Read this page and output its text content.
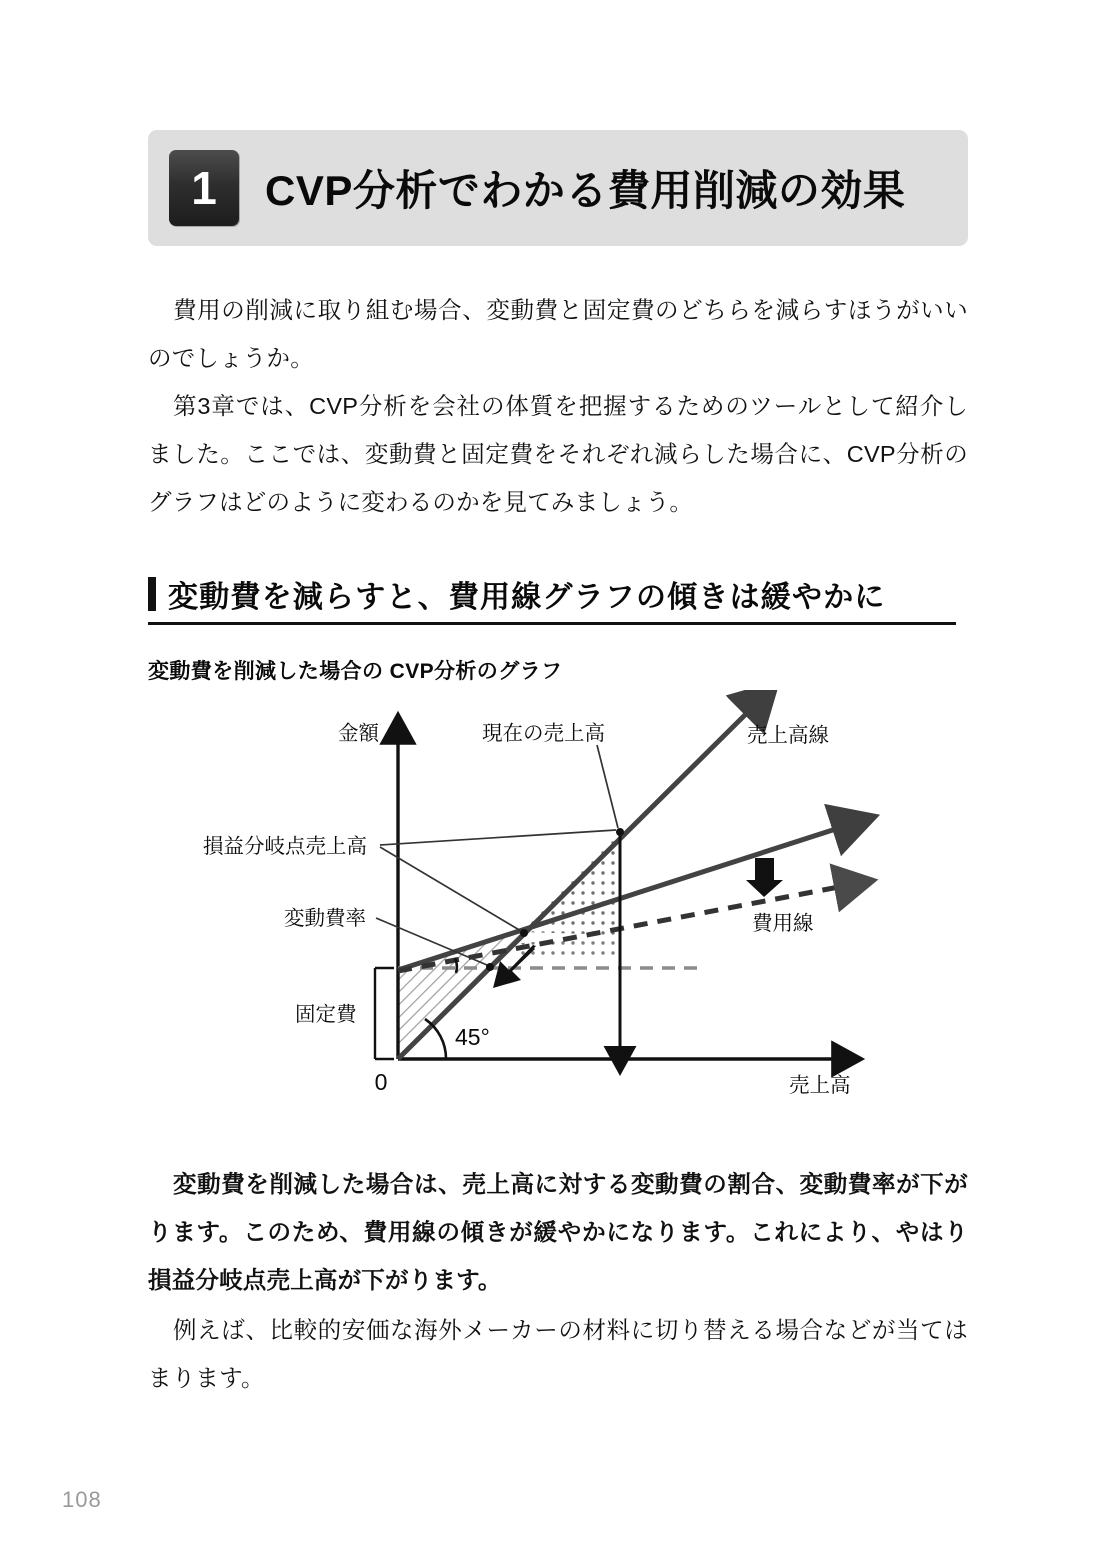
1 CVP分析でわかる費用削減の効果

費用の削減に取り組む場合、変動費と固定費のどちらを減らすほうがいいのでしょうか。

第3章では、CVP分析を会社の体質を把握するためのツールとして紹介しました。ここでは、変動費と固定費をそれぞれ減らした場合に、CVP分析のグラフはどのように変わるのかを見てみましょう。

変動費を減らすと、費用線グラフの傾きは緩やかに
変動費を削減した場合の CVP分析のグラフ
金額
0	売上高
45°
現在の売上高	売上高線
費用線
損益分岐点売上高
変動費率
固定費

変動費を削減した場合は、売上高に対する変動費の割合、変動費率が下がります。このため、費用線の傾きが緩やかになります。これにより、やはり損益分岐点売上高が下がります。

例えば、比較的安価な海外メーカーの材料に切り替える場合などが当てはまります。

108
